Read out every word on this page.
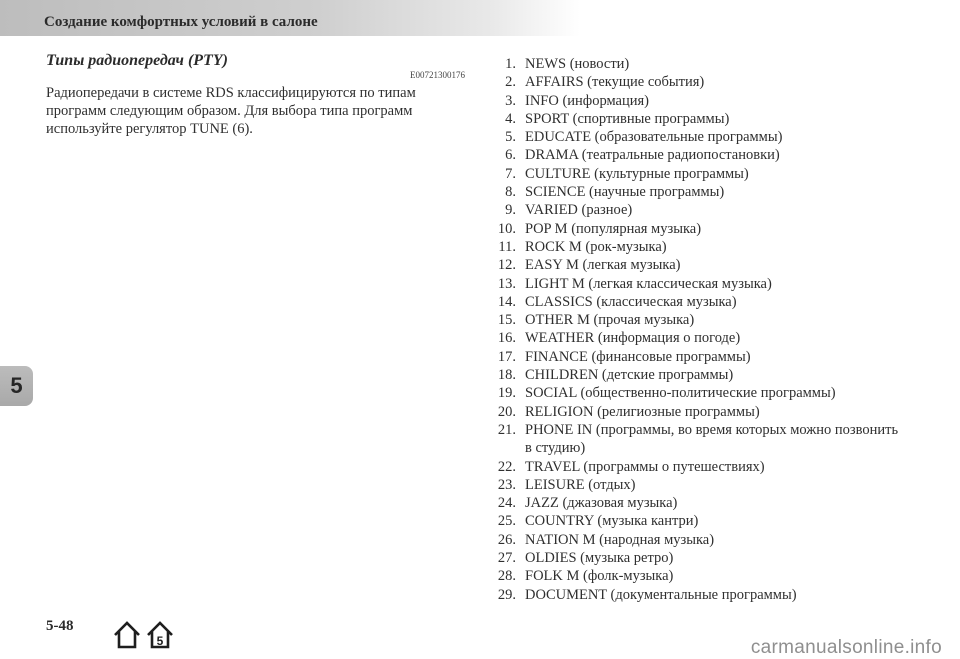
Создание комфортных условий в салоне
Типы радиопередач (PTY)
E00721300176

Радиопередачи в системе RDS классифицируются по типам

программ следующим образом. Для выбора типа программ

используйте регулятор TUNE (6).

1. NEWS (новости)
2. AFFAIRS (текущие события)
3. INFO (информация)
4. SPORT (спортивные программы)
5. EDUCATE (образовательные программы)
6. DRAMA (театральные радиопостановки)
7. CULTURE (культурные программы)
8. SCIENCE (научные программы)
9. VARIED (разное)
10. POP M (популярная музыка)
11. ROCK M (рок-музыка)
12. EASY M (легкая музыка)
13. LIGHT M (легкая классическая музыка)
14. CLASSICS (классическая музыка)
15. OTHER M (прочая музыка)
16. WEATHER (информация о погоде)
17. FINANCE (финансовые программы)
18. CHILDREN (детские программы)
19. SOCIAL (общественно-политические программы)
20. RELIGION (религиозные программы)
21. PHONE IN (программы, во время которых можно позвонить
в студию)
22. TRAVEL (программы о путешествиях)
23. LEISURE (отдых)
24. JAZZ (джазовая музыка)
25. COUNTRY (музыка кантри)
26. NATION M (народная музыка)
27. OLDIES (музыка ретро)
28. FOLK M (фолк-музыка)
29. DOCUMENT (документальные программы)
5
5-48
5	carmanualsonline.info
